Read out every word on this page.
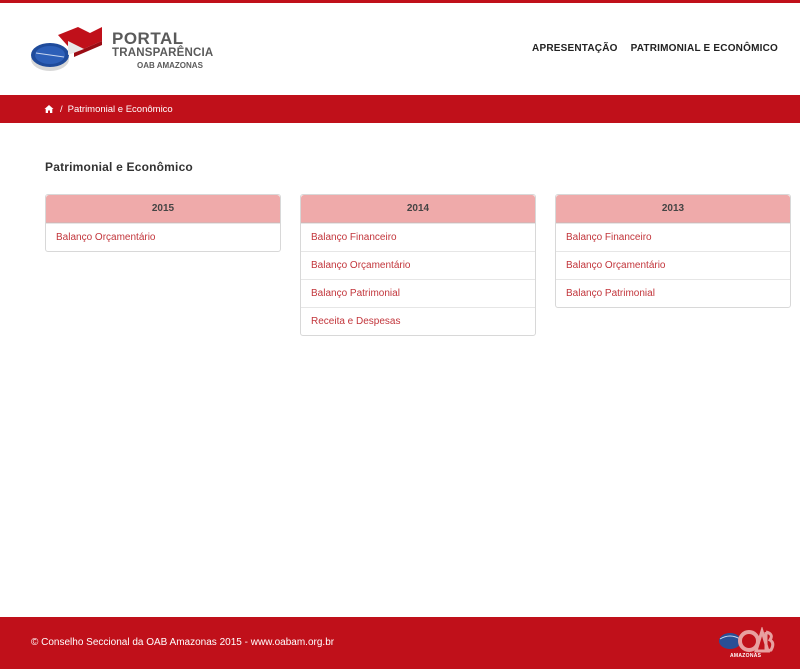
PORTAL
TRANSPARÊNCIA
OAB AMAZONAS
APRESENTAÇÃO PATRIMONIAL E ECONÔMICO
/ Patrimonial e Econômico
Patrimonial e Econômico
2015
Balanço Orçamentário
2014
Balanço Financeiro
Balanço Orçamentário
Balanço Patrimonial
Receita e Despesas
2013
Balanço Financeiro
Balanço Orçamentário
Balanço Patrimonial
© Conselho Seccional da OAB Amazonas 2015 - www.oabam.org.br
AMAZONAS
